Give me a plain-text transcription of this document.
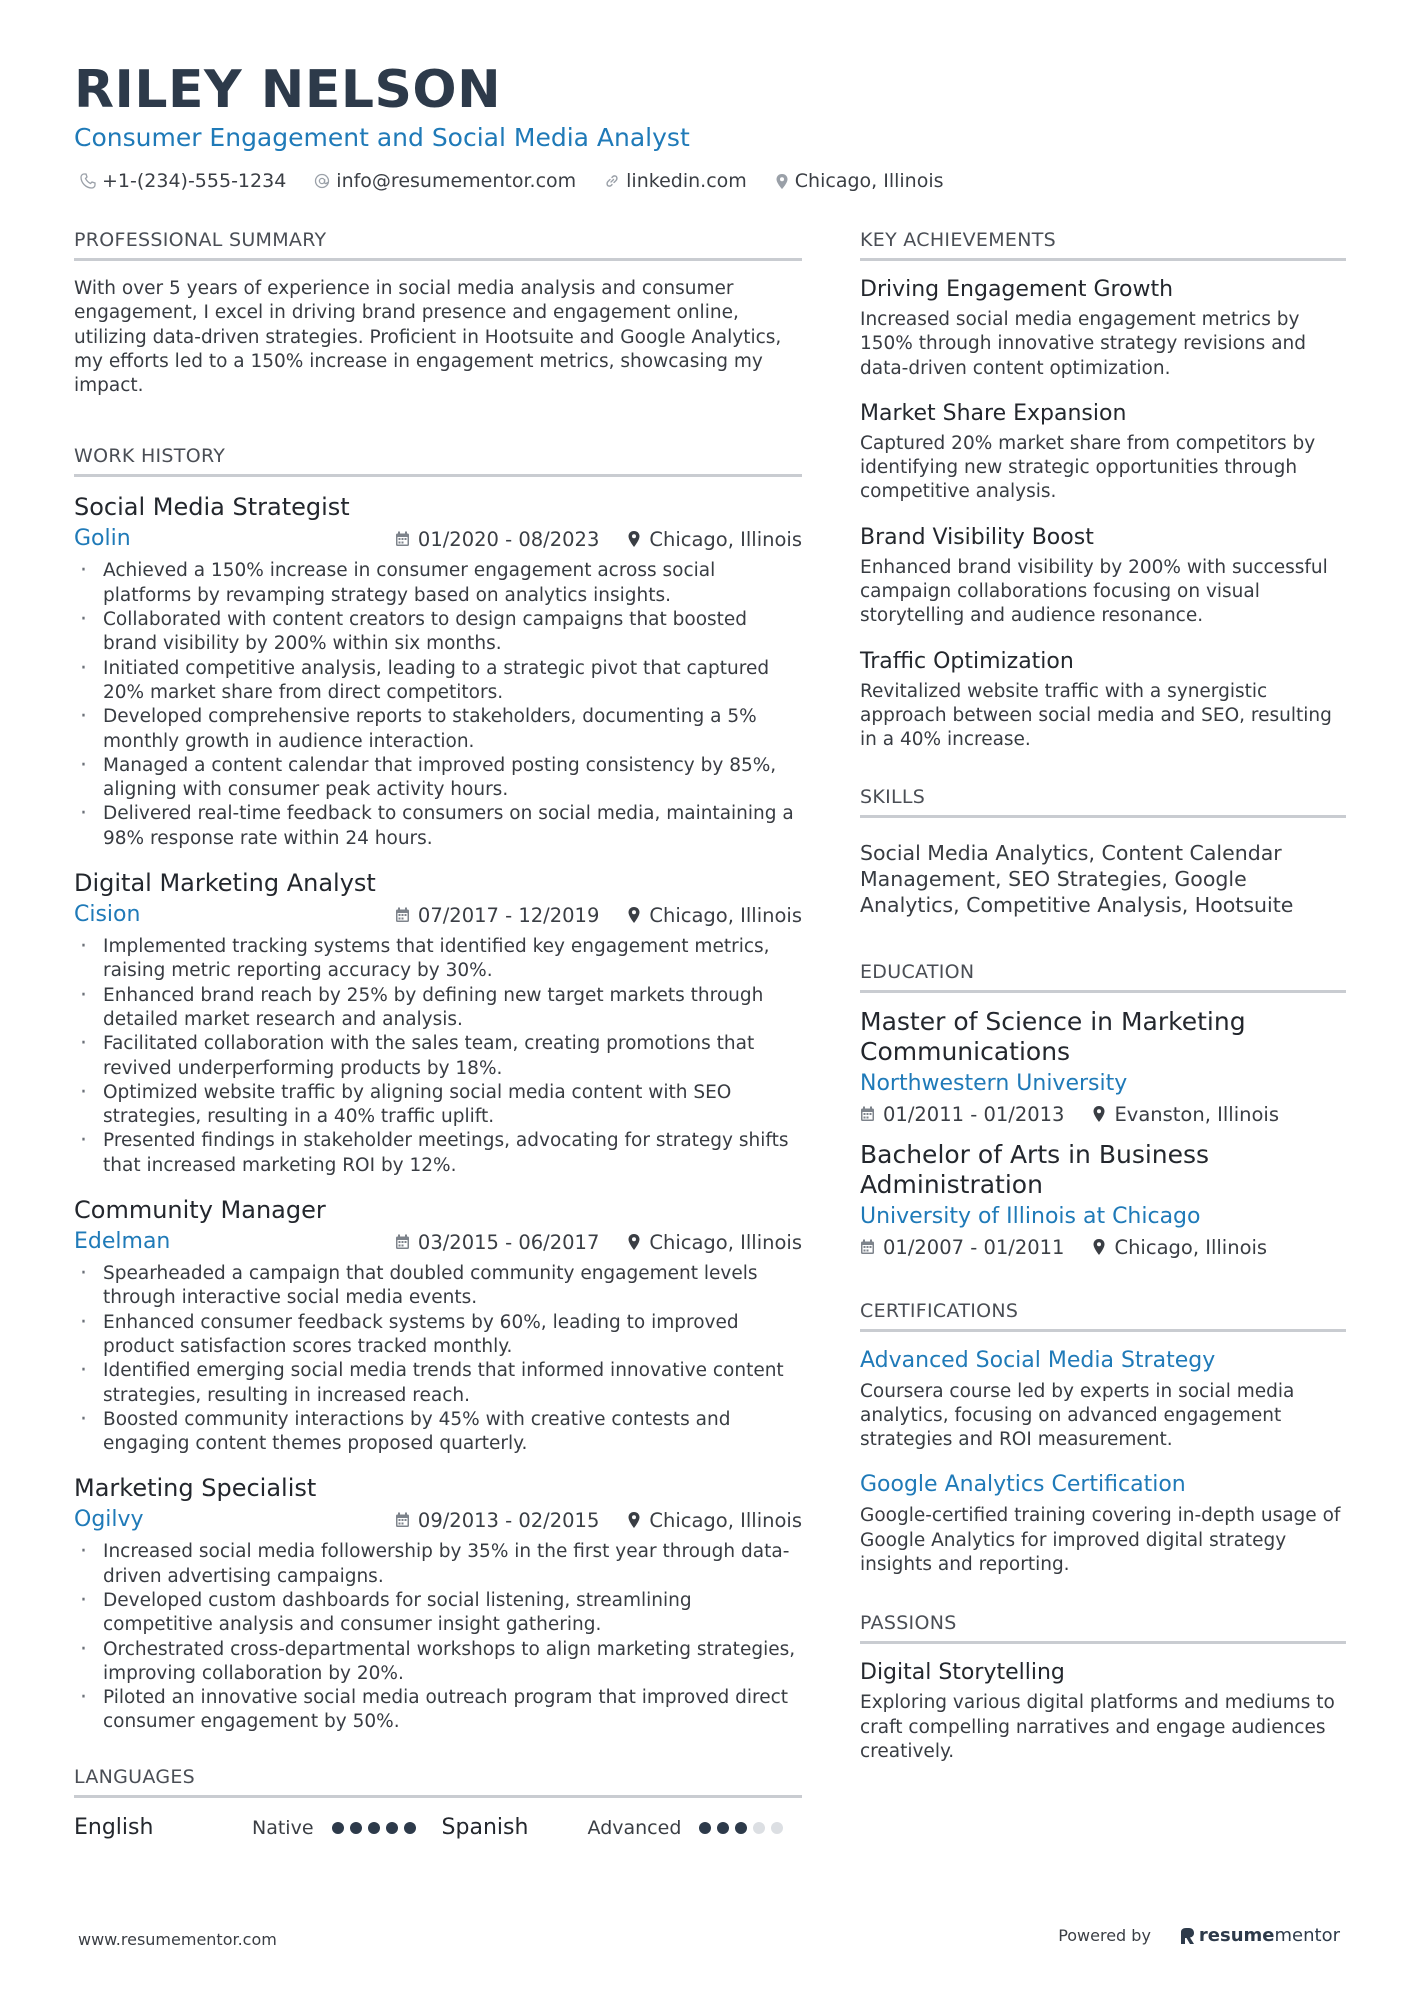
RILEY NELSON
Consumer Engagement and Social Media Analyst
+1-(234)-555-1234	info@resumementor.com	linkedin.com	Chicago, Illinois
PROFESSIONAL SUMMARY

With over 5 years of experience in social media analysis and consumer engagement, I excel in driving brand presence and engagement online, utilizing data-driven strategies. Proficient in Hootsuite and Google Analytics, my efforts led to a 150% increase in engagement metrics, showcasing my impact.

WORK HISTORY
Social Media Strategist
Golin	01/2020 - 08/2023	Chicago, Illinois
· Achieved a 150% increase in consumer engagement across social platforms by revamping strategy based on analytics insights.
· Collaborated with content creators to design campaigns that boosted brand visibility by 200% within six months.
· Initiated competitive analysis, leading to a strategic pivot that captured 20% market share from direct competitors.
· Developed comprehensive reports to stakeholders, documenting a 5% monthly growth in audience interaction.
· Managed a content calendar that improved posting consistency by 85%, aligning with consumer peak activity hours.
· Delivered real-time feedback to consumers on social media, maintaining a 98% response rate within 24 hours.
Digital Marketing Analyst
Cision	07/2017 - 12/2019	Chicago, Illinois
· Implemented tracking systems that identified key engagement metrics, raising metric reporting accuracy by 30%.
· Enhanced brand reach by 25% by defining new target markets through detailed market research and analysis.
· Facilitated collaboration with the sales team, creating promotions that revived underperforming products by 18%.
· Optimized website traffic by aligning social media content with SEO strategies, resulting in a 40% traffic uplift.
· Presented findings in stakeholder meetings, advocating for strategy shifts that increased marketing ROI by 12%.
Community Manager
Edelman	03/2015 - 06/2017	Chicago, Illinois
· Spearheaded a campaign that doubled community engagement levels through interactive social media events.
· Enhanced consumer feedback systems by 60%, leading to improved product satisfaction scores tracked monthly.
· Identified emerging social media trends that informed innovative content strategies, resulting in increased reach.
· Boosted community interactions by 45% with creative contests and engaging content themes proposed quarterly.
Marketing Specialist
Ogilvy	09/2013 - 02/2015	Chicago, Illinois
· Increased social media followership by 35% in the first year through data-driven advertising campaigns.
· Developed custom dashboards for social listening, streamlining competitive analysis and consumer insight gathering.
· Orchestrated cross-departmental workshops to align marketing strategies, improving collaboration by 20%.
· Piloted an innovative social media outreach program that improved direct consumer engagement by 50%.
LANGUAGES
English	Native	Spanish	Advanced
KEY ACHIEVEMENTS
Driving Engagement Growth

Increased social media engagement metrics by 150% through innovative strategy revisions and data-driven content optimization.

Market Share Expansion

Captured 20% market share from competitors by identifying new strategic opportunities through competitive analysis.

Brand Visibility Boost

Enhanced brand visibility by 200% with successful campaign collaborations focusing on visual storytelling and audience resonance.

Traffic Optimization

Revitalized website traffic with a synergistic approach between social media and SEO, resulting in a 40% increase.

SKILLS

Social Media Analytics, Content Calendar Management, SEO Strategies, Google Analytics, Competitive Analysis, Hootsuite

EDUCATION
Master of Science in Marketing Communications
Northwestern University
01/2011 - 01/2013	Evanston, Illinois
Bachelor of Arts in Business Administration
University of Illinois at Chicago
01/2007 - 01/2011	Chicago, Illinois
CERTIFICATIONS
Advanced Social Media Strategy

Coursera course led by experts in social media analytics, focusing on advanced engagement strategies and ROI measurement.

Google Analytics Certification

Google-certified training covering in-depth usage of Google Analytics for improved digital strategy insights and reporting.

PASSIONS
Digital Storytelling

Exploring various digital platforms and mediums to craft compelling narratives and engage audiences creatively.

www.resumementor.com	Powered by	resume mentor
